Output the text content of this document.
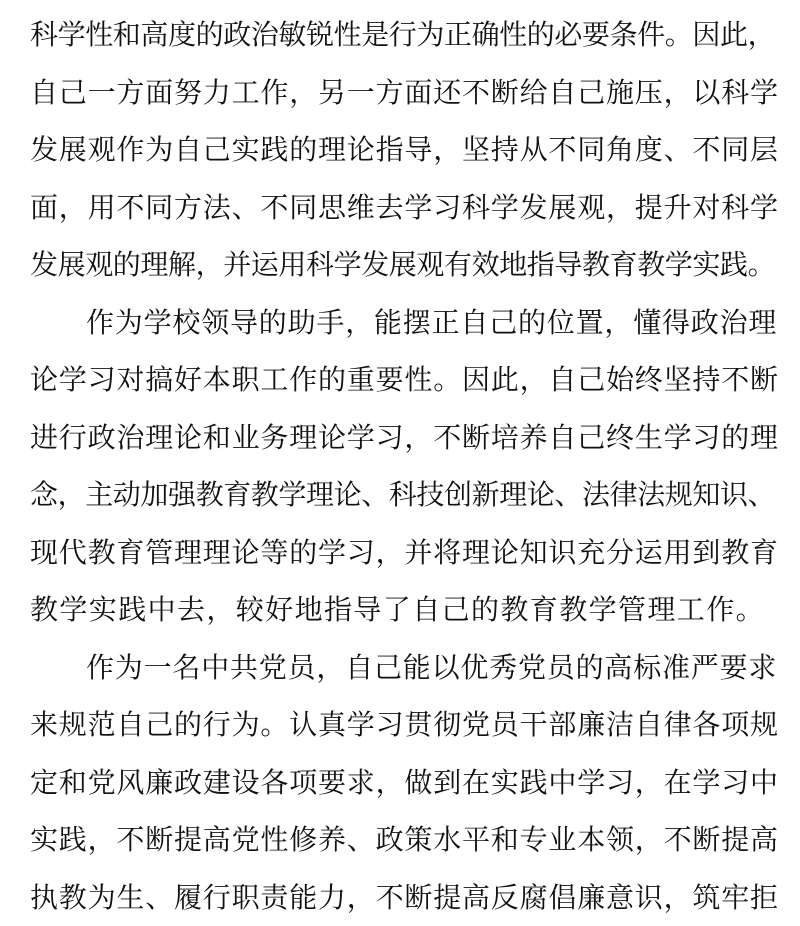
科学性和高度的政治敏锐性是行为正确性的必要条件。因此，
自己一方面努力工作，另一方面还不断给自己施压，以科学
发展观作为自己实践的理论指导，坚持从不同角度、不同层
面，用不同方法、不同思维去学习科学发展观，提升对科学
发展观的理解，并运用科学发展观有效地指导教育教学实践。
作为学校领导的助手，能摆正自己的位置，懂得政治理
论学习对搞好本职工作的重要性。因此，自己始终坚持不断
进行政治理论和业务理论学习，不断培养自己终生学习的理
念，主动加强教育教学理论、科技创新理论、法律法规知识、
现代教育管理理论等的学习，并将理论知识充分运用到教育
教学实践中去，较好地指导了自己的教育教学管理工作。
作为一名中共党员，自己能以优秀党员的高标准严要求
来规范自己的行为。认真学习贯彻党员干部廉洁自律各项规
定和党风廉政建设各项要求，做到在实践中学习，在学习中
实践，不断提高党性修养、政策水平和专业本领，不断提高
执教为生、履行职责能力，不断提高反腐倡廉意识，筑牢拒
